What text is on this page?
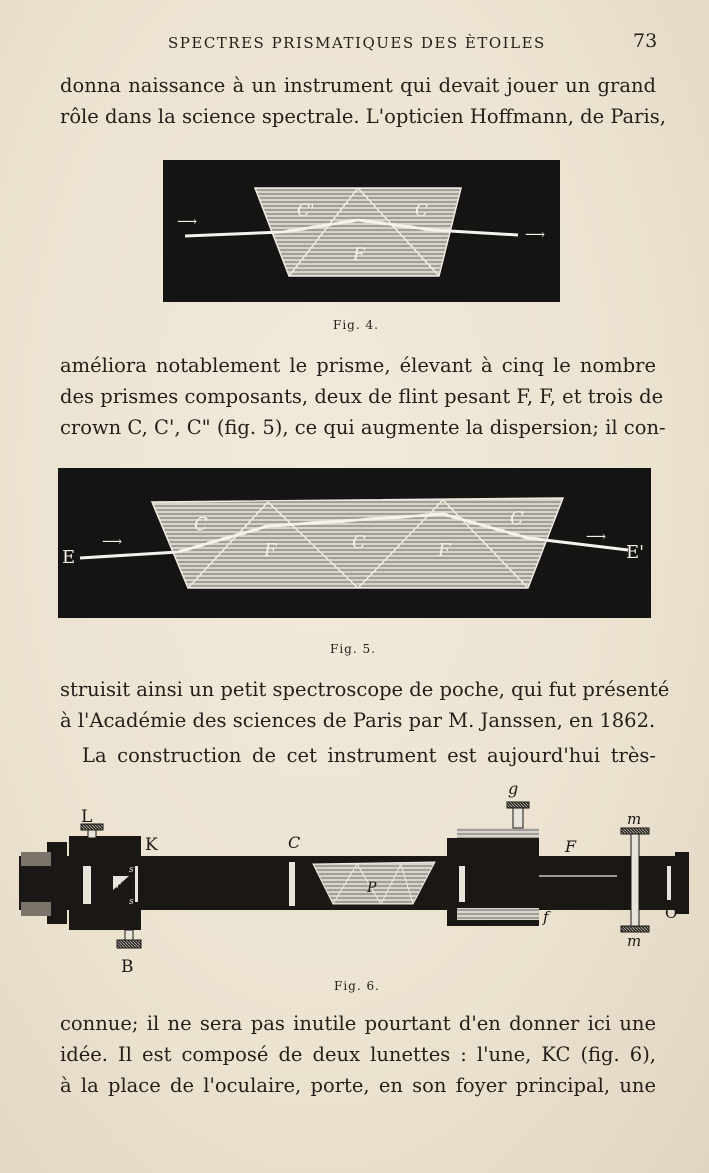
SPECTRES PRISMATIQUES DES ÈTOILES	73
donna naissance à un instrument qui devait jouer un grand
rôle dans la science spectrale. L'opticien Hoffmann, de Paris,
⟶
⟶
C'	C
F
Fig. 4.
améliora notablement le prisme, élevant à cinq le nombre
des prismes composants, deux de flint pesant F, F, et trois de
crown C, C', C" (fig. 5), ce qui augmente la dispersion; il con-
⟶	⟶
E	E'
C
F	C	F
C
Fig. 5.
struisit ainsi un petit spectroscope de poche, qui fut présenté
à l'Académie des sciences de Paris par M. Janssen, en 1862.
La construction de cet instrument est aujourd'hui très-
L
K
r
s
s
B
C
P
g
F
f
m
m
O
Fig. 6.
connue; il ne sera pas inutile pourtant d'en donner ici une
idée. Il est composé de deux lunettes : l'une, KC (fig. 6),
à la place de l'oculaire, porte, en son foyer principal, une
